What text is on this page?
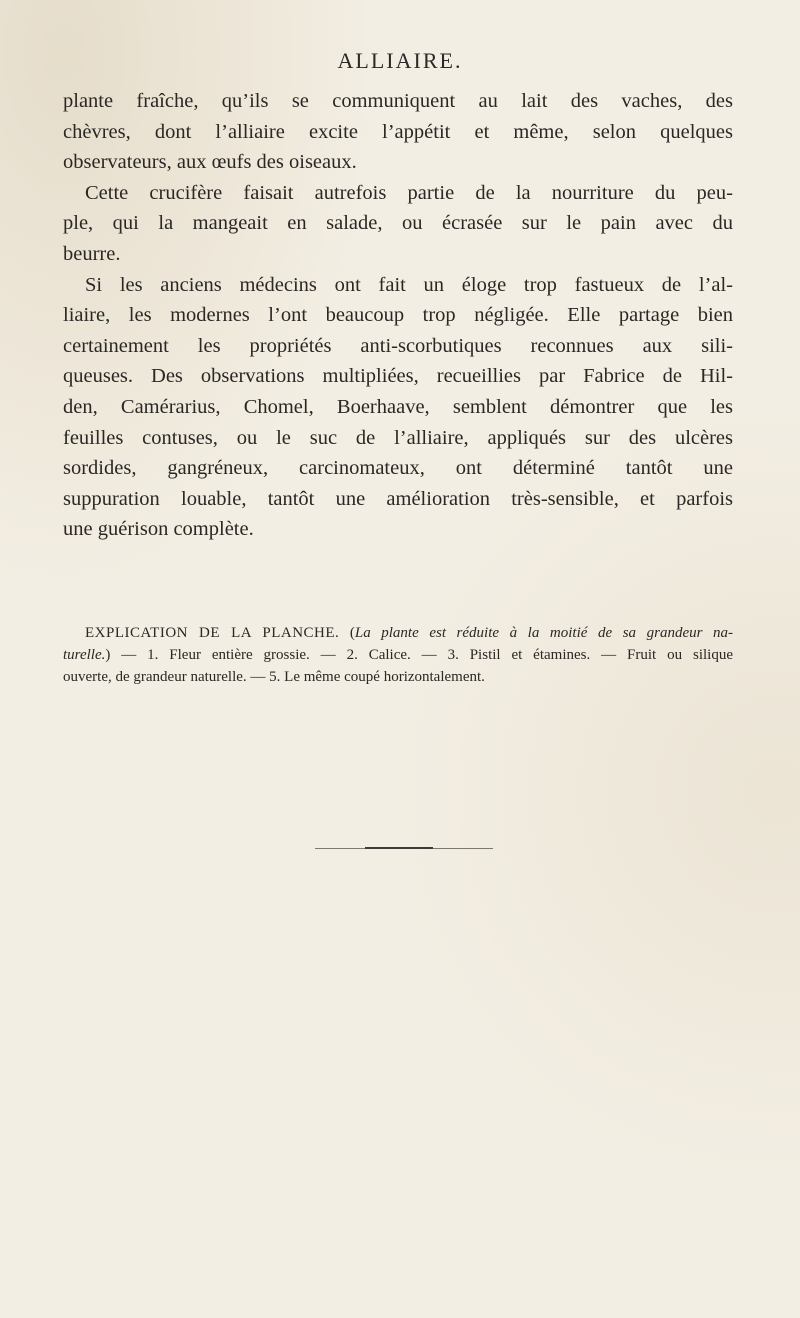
ALLIAIRE.

plante fraîche, qu’ils se communiquent au lait des vaches, des
chèvres, dont l’alliaire excite l’appétit et même, selon quelques
observateurs, aux œufs des oiseaux.

Cette crucifère faisait autrefois partie de la nourriture du peu-

ple, qui la mangeait en salade, ou écrasée sur le pain avec du
beurre.

Si les anciens médecins ont fait un éloge trop fastueux de l’al-

liaire, les modernes l’ont beaucoup trop négligée. Elle partage bien
certainement les propriétés anti-scorbutiques reconnues aux sili-
queuses. Des observations multipliées, recueillies par Fabrice de Hil-
den, Camérarius, Chomel, Boerhaave, semblent démontrer que les
feuilles contuses, ou le suc de l’alliaire, appliqués sur des ulcères
sordides, gangréneux, carcinomateux, ont déterminé tantôt une
suppuration louable, tantôt une amélioration très-sensible, et parfois
une guérison complète.

EXPLICATION DE LA PLANCHE. (La plante est réduite à la moitié de sa grandeur na-
turelle.) — 1. Fleur entière grossie. — 2. Calice. — 3. Pistil et étamines. — Fruit ou silique
ouverte, de grandeur naturelle. — 5. Le même coupé horizontalement.
